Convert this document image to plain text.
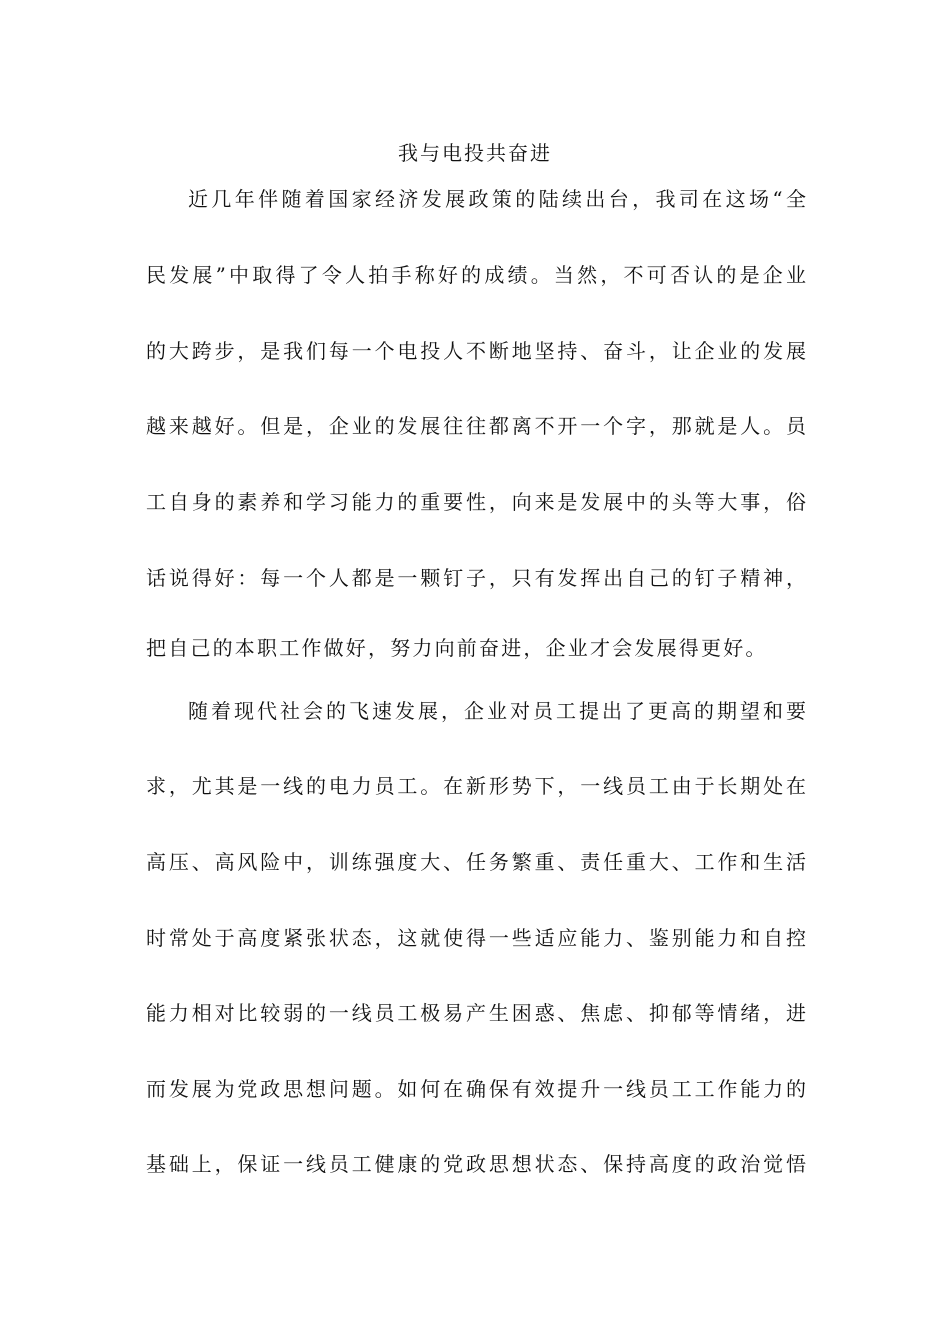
我与电投共奋进
近几年伴随着国家经济发展政策的陆续出台，我司在这场“全
民发展”中取得了令人拍手称好的成绩。当然，不可否认的是企业
的大跨步，是我们每一个电投人不断地坚持、奋斗，让企业的发展
越来越好。但是，企业的发展往往都离不开一个字，那就是人。员
工自身的素养和学习能力的重要性，向来是发展中的头等大事，俗
话说得好：每一个人都是一颗钉子，只有发挥出自己的钉子精神，
把自己的本职工作做好，努力向前奋进，企业才会发展得更好。
随着现代社会的飞速发展，企业对员工提出了更高的期望和要
求，尤其是一线的电力员工。在新形势下，一线员工由于长期处在
高压、高风险中，训练强度大、任务繁重、责任重大、工作和生活
时常处于高度紧张状态，这就使得一些适应能力、鉴别能力和自控
能力相对比较弱的一线员工极易产生困惑、焦虑、抑郁等情绪，进
而发展为党政思想问题。如何在确保有效提升一线员工工作能力的
基础上，保证一线员工健康的党政思想状态、保持高度的政治觉悟
